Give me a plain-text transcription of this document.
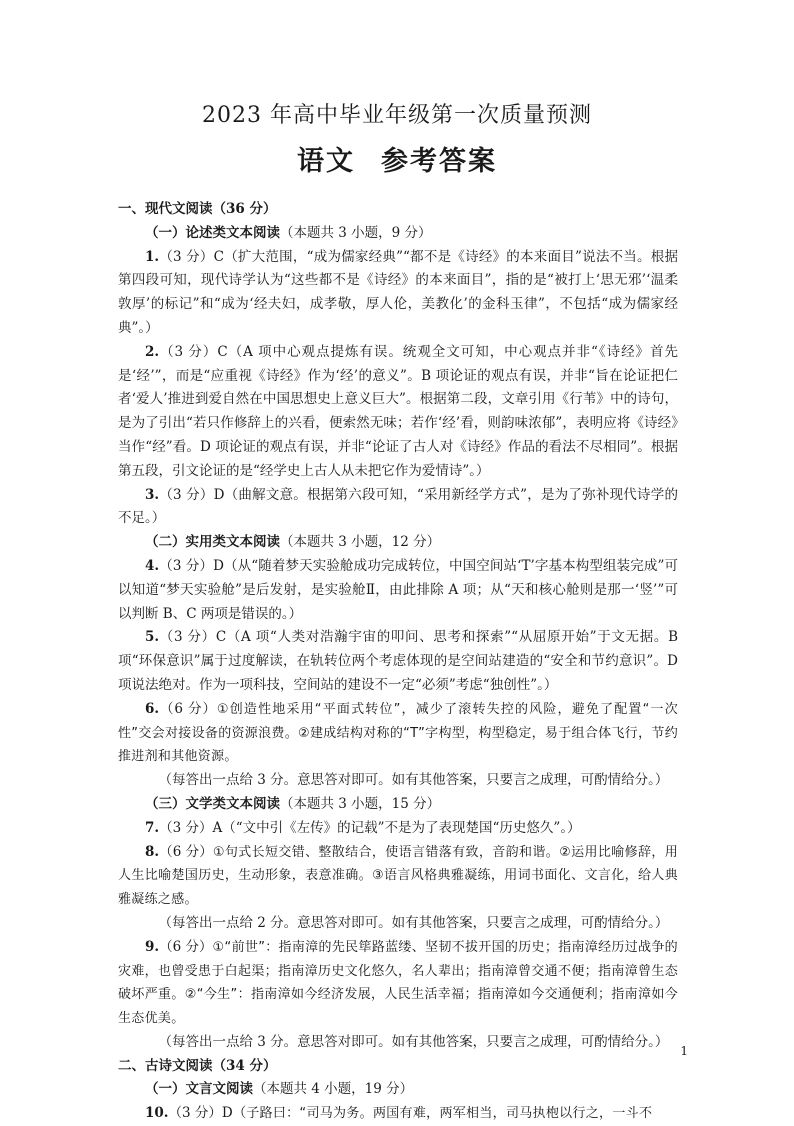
2023 年高中毕业年级第一次质量预测
语文 参考答案

一、现代文阅读（36 分）

（一）论述类文本阅读（本题共 3 小题，9 分）

1.（3 分）C（扩大范围，“成为儒家经典”“都不是《诗经》的本来面目”说法不当。根据第四段可知，现代诗学认为“这些都不是《诗经》的本来面目”，指的是“被打上‘思无邪’‘温柔敦厚’的标记”和“成为‘经夫妇，成孝敬，厚人伦，美教化’的金科玉律”，不包括“成为儒家经典”。）

2.（3 分）C（A 项中心观点提炼有误。统观全文可知，中心观点并非“《诗经》首先是‘经’”，而是“应重视《诗经》作为‘经’的意义”。B 项论证的观点有误，并非“旨在论证把仁者‘爱人’推进到爱自然在中国思想史上意义巨大”。根据第二段，文章引用《行苇》中的诗句，是为了引出“若只作修辞上的兴看，便索然无味；若作‘经’看，则韵味浓郁”，表明应将《诗经》当作“经”看。D 项论证的观点有误，并非“论证了古人对《诗经》作品的看法不尽相同”。根据第五段，引文论证的是“经学史上古人从未把它作为爱情诗”。）

3.（3 分）D（曲解文意。根据第六段可知，“采用新经学方式”，是为了弥补现代诗学的不足。）

（二）实用类文本阅读（本题共 3 小题，12 分）

4.（3 分）D（从“随着梦天实验舱成功完成转位，中国空间站‘T’字基本构型组装完成”可以知道“梦天实验舱”是后发射，是实验舱Ⅱ，由此排除 A 项；从“天和核心舱则是那一‘竖’”可以判断 B、C 两项是错误的。）

5.（3 分）C（A 项“人类对浩瀚宇宙的叩问、思考和探索”“从屈原开始”于文无据。B 项“环保意识”属于过度解读，在轨转位两个考虑体现的是空间站建造的“安全和节约意识”。D 项说法绝对。作为一项科技，空间站的建设不一定“必须”考虑“独创性”。）

6.（6 分）①创造性地采用“平面式转位”，减少了滚转失控的风险，避免了配置“一次性”交会对接设备的资源浪费。②建成结构对称的“T”字构型，构型稳定，易于组合体飞行，节约推进剂和其他资源。

（每答出一点给 3 分。意思答对即可。如有其他答案，只要言之成理，可酌情给分。）

（三）文学类文本阅读（本题共 3 小题，15 分）

7.（3 分）A（“文中引《左传》的记载”不是为了表现楚国“历史悠久”。）

8.（6 分）①句式长短交错、整散结合，使语言错落有致，音韵和谐。②运用比喻修辞，用人生比喻楚国历史，生动形象，表意准确。③语言风格典雅凝练，用词书面化、文言化，给人典雅凝练之感。

（每答出一点给 2 分。意思答对即可。如有其他答案，只要言之成理，可酌情给分。）

9.（6 分）①“前世”：指南漳的先民筚路蓝缕、坚韧不拔开国的历史；指南漳经历过战争的灾难，也曾受患于白起渠；指南漳历史文化悠久，名人辈出；指南漳曾交通不便；指南漳曾生态破坏严重。②“今生”：指南漳如今经济发展，人民生活幸福；指南漳如今交通便利；指南漳如今生态优美。

（每答出一点给 3 分。意思答对即可。如有其他答案，只要言之成理，可酌情给分。）

二、古诗文阅读（34 分）

（一）文言文阅读（本题共 4 小题，19 分）

10.（3 分）D（子路曰：“司马为务。两国有难，两军相当，司马执枹以行之，一斗不

1
